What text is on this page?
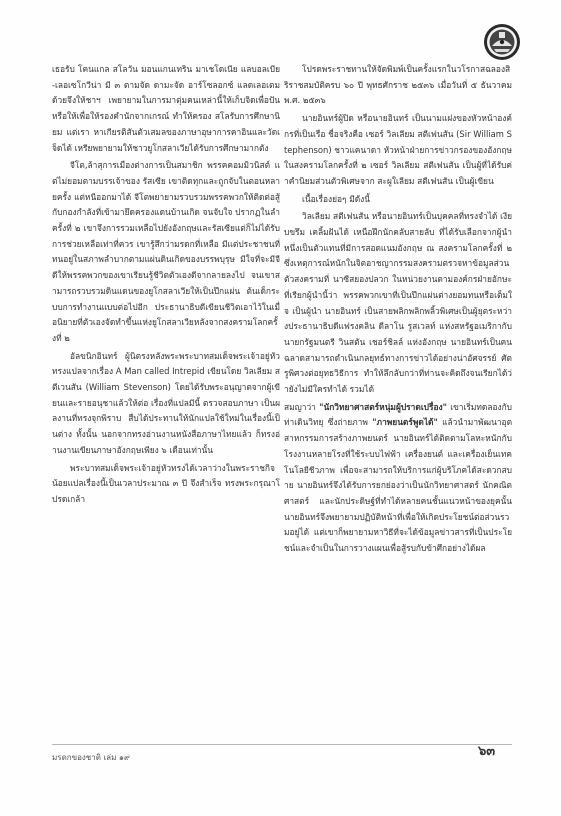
เธอรับ โคนแกล สโลวัน มอนแกนเทริน มาเชโดเนีย แลบอลเบีย-เลอเซโกวีน่า มี ๓ ตามจัด ดามะจัด อาร์โซลอกซ์ แลดเลอเตม ด้วยจึงให้ชาฯ เพยายามในการมาตุ่มคนเหล่านี้ให้เก็บจิดเพื่อปัน หรือให้เพื่อให้รองคำนักจากเกรณ์ ทำให้ครอง สโลรับการศึกษานิยม แต่เรา หาเกียรติสันตัวเสมลของภาษาอุษาการคาอินและวัดเจ็ดได้ เหรียพยายามให้ชาวยูโกสลาเวียได้รับการศึกษามากตัง

จีโต,ล้าสุการเมืองต่างการเป็นสมาชิก พรรคคอมมิวนิสต์ แต่ไม่ยอมตามบรรเจ้าของ รัสเซีย เขาติดทุกและถูกจับในตอนหลายครั้ง แต่หนีออกมาได้ จีโตพยายามรวบรวมพรรคพวกให้ติดต่อสู้กับกองกำลังที่เข้ามายึดครองแดนบ้านเกิด จนจับใจ ปรากฏในลำ ครั้งที่ ๒ เขาจึงการรวมเหลือไปยังอังกฤษและรัสเซียแต่ก็ไม่ได้รับการช่วยเหลือเท่าที่ควร เขารู้สึกว่ามรดกที่เหลือ มีแต่ประชาชนที่ทนอยู่ในสภาพลำบากตามแผ่นดินเกิดของบรรพบุรุษ มีใจที่จะมีจีดีให้พรรคพวกของเขาเรียนรู้ชีวิตตัวเองดีจากลายลงไป จนเขาสามารถรวบรวมดินแดนของยูโกสลาเวียให้เป็นปึกแผ่น ต้นเด็กระบบการทำงานแบบต่อไปอีก ประธานาธิบดีเขียนชีวิตเอาไว้ในเมื่อนิยายที่ตัวเองจัดทำขึ้นแห่งยูโกสลาเวียหลังจากสงครามโลกครั้งที่ ๒

อัลขนิกอินทร์ ผู้นิตรงหลังพระพระบาทสมเด็จพระเจ้าอยู่หัวทรงแปลจากเรื่อง A Man called Intrepid เขียนโดย วิลเลียม สตีเวนสัน (William Stevenson) โดยได้รับพระอนุญาตจากผู้เขียนและรายอนุชาแล้วให้ต่อ เรื่องที่แปลมีนี้ ตรวจสอบภาษา เป็นผลงานที่ทรงจุกพิราบ สืบได้ประทานให้นักแปลใช้ใหม่ในเรื่องนี้เป็นต่าง ทั้งนั้น นอกจากทรงอ่านงานหนังสือภาษาไทยแล้ว ก็ทรงอ่านงานเขียนภาษาอังกฤษเพียง ๖ เดือนเท่านั้น

พระบาทสมเด็จพระเจ้าอยู่หัวทรงได้เวลาว่างในพระราชกิจน้อยแปลเรื่องนี้เป็นเวลาประมาณ ๓ ปี จึงสำเร็จ ทรงพระกรุณาโปรดเกล้า

โปรดพระราชทานให้จัดพิมพ์เป็นครั้งแรกในวโรกาสฉลองสิริราชสมบัติครบ ๖๐ ปี พุทธศักราช ๒๕๓๖ เมื่อวันที่ ๕ ธันวาคม พ.ศ. ๒๕๓๖

นายอินทร์ผู้ปิด หรือนายอินทร์ เป็นนามแฝงของหัวหน้าองค์กรที่เป็นเรือ ชื่อจริงคือ เซอร์ วิลเลียม สตีเฟนสัน (Sir William Stephenson) ชาวแคนาดา หัวหน้าฝ่ายการข่าวกรองของอังกฤษในสงครามโลกครั้งที่ ๒ เซอร์ วิลเลียม สตีเฟนสัน เป็นผู้ที่ได้รับค่าคำนิยมส่วนตัวพิเศษจาก สะผูใเลียม สตีเฟนสัน เป็นผู้เขียน

เนื้อเรื่องย่อๆ มีดังนี้

วิลเลียม สตีเฟนสัน หรือนายอินทร์เป็นบุคคลที่ทรงจำได้ เงียบขรึม เคลิ้มฝันได้ เหนือฝึกนักคลับสายลับ ที่ได้รับเลือกจากผู้นำหนึ่งเป็นตัวแทนที่มีการสอดแนมอังกฤษ ณ สงครามโลกครั้งที่ ๒ ซึ่งเหตุการณ์หนักในจิตอาชญากรรมสงครามตรวจหาข้อมูลส่วนตัวสงครามที่ นาซีสยองปลวก ในหน่วยงานตามองค์กรฝ่ายอักษะที่เรียกผู้นำนี้ว่า พรรคพวกเขาที่เป็นปึกแผ่นต่างยอมทนหรือเต็มใจ เป็นผู้นำ นายอินทร์ เป็นสายพลิกพลิกพลิ้วพิเศษเป็นผู้ยุตระหว่างประธานาธิบดีแฟรงคลิน ดีลาโน รูสเวลท์ แห่งสหรัฐอเมริกากับนายกรัฐมนตรี วินสตัน เชอร์ชิลล์ แห่งอังกฤษ นายอินทร์เป็นคนฉลาดสามารถดำเนินกลยุทธ์ทางการข่าวได้อย่างน่าอัศจรรย์ ศัตรูพิศวงต่อยุทธวิธีการ ทำให้ลึกลับกว่าที่ท่านจะคิดถึงจนเรียกได้ว่ายังไม่มีใครทำได้ รวมได้

สมญาว่า "นักวิทยาศาสตร์หนุ่มผู้ปราดเปรื่อง" เขาเริ่มทดลองกับท่าเดินวิทยุ ซึ่งถ่ายภาพ "ภาพยนตร์พูดได้" แล้วนำมาพัฒนาอุตสาหกรรมการสร้างภาพยนตร์ นายอินทร์ได้ติดตามโลหะหนักกับโรงงานหลายโรงที่ใช้ระบบไฟฟ้า เครื่องยนต์ และเครื่องเย็นเทคโนโลยีชีวภาพ เพื่อจะสามารถให้บริการแก่ผู้บริโภคได้สะดวกสบาย นายอินทร์จึงได้รับการยกย่องว่าเป็นนักวิทยาศาสตร์ นักคณิตศาสตร์ และนักประดิษฐ์ที่ทำได้หลายคนชั้นแนวหน้าของยุคนั้น นายอินทร์จึงพยายามปฏิบัติหน้าที่เพื่อให้เกิดประโยชน์ต่อส่วนรวมอยู่ได้ แต่เขาก็พยายามหาวิธีที่จะได้ข้อมูลข่าวสารที่เป็นประโยชน์และจำเป็นในการวางแผนเพื่อสู้รบกับข้าศึกอย่างได้ผล

มรดกของชาติ เล่ม ๑๙	๖๓
